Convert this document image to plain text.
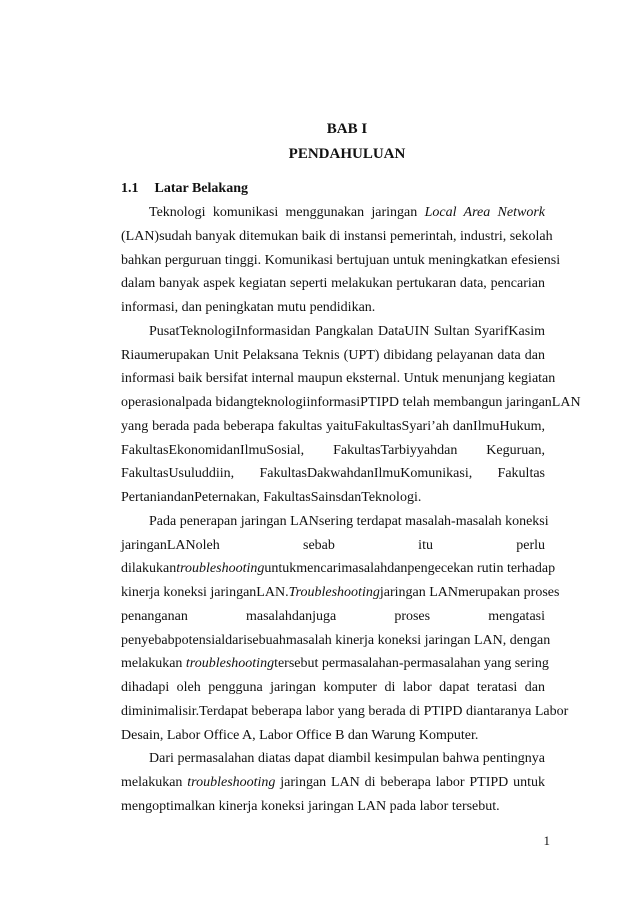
BAB I
PENDAHULUAN
1.1 Latar Belakang
Teknologi komunikasi menggunakan jaringan Local Area Network
(LAN)sudah banyak ditemukan baik di instansi pemerintah, industri, sekolah
bahkan perguruan tinggi. Komunikasi bertujuan untuk meningkatkan efesiensi
dalam banyak aspek kegiatan seperti melakukan pertukaran data, pencarian
informasi, dan peningkatan mutu pendidikan.
PusatTeknologiInformasidan Pangkalan DataUIN Sultan SyarifKasim
Riaumerupakan Unit Pelaksana Teknis (UPT) dibidang pelayanan data dan
informasi baik bersifat internal maupun eksternal. Untuk menunjang kegiatan
operasionalpada bidangteknologiinformasiPTIPD telah membangun jaringanLAN
yang berada pada beberapa fakultas yaituFakultasSyari’ah danIlmuHukum,
FakultasEkonomidanIlmuSosial, FakultasTarbiyyahdan Keguruan,
FakultasUsuluddiin, FakultasDakwahdanIlmuKomunikasi, Fakultas
PertaniandanPeternakan, FakultasSainsdanTeknologi.
Pada penerapan jaringan LANsering terdapat masalah-masalah koneksi
jaringanLANoleh sebab itu perlu
dilakukantroubleshootinguntukmencarimasalahdanpengecekan rutin terhadap
kinerja koneksi jaringanLAN.Troubleshootingjaringan LANmerupakan proses
penanganan masalahdanjuga proses mengatasi
penyebabpotensialdarisebuahmasalah kinerja koneksi jaringan LAN, dengan
melakukan troubleshootingtersebut permasalahan-permasalahan yang sering
dihadapi oleh pengguna jaringan komputer di labor dapat teratasi dan
diminimalisir.Terdapat beberapa labor yang berada di PTIPD diantaranya Labor
Desain, Labor Office A, Labor Office B dan Warung Komputer.
Dari permasalahan diatas dapat diambil kesimpulan bahwa pentingnya
melakukan troubleshooting jaringan LAN di beberapa labor PTIPD untuk
mengoptimalkan kinerja koneksi jaringan LAN pada labor tersebut.
1
